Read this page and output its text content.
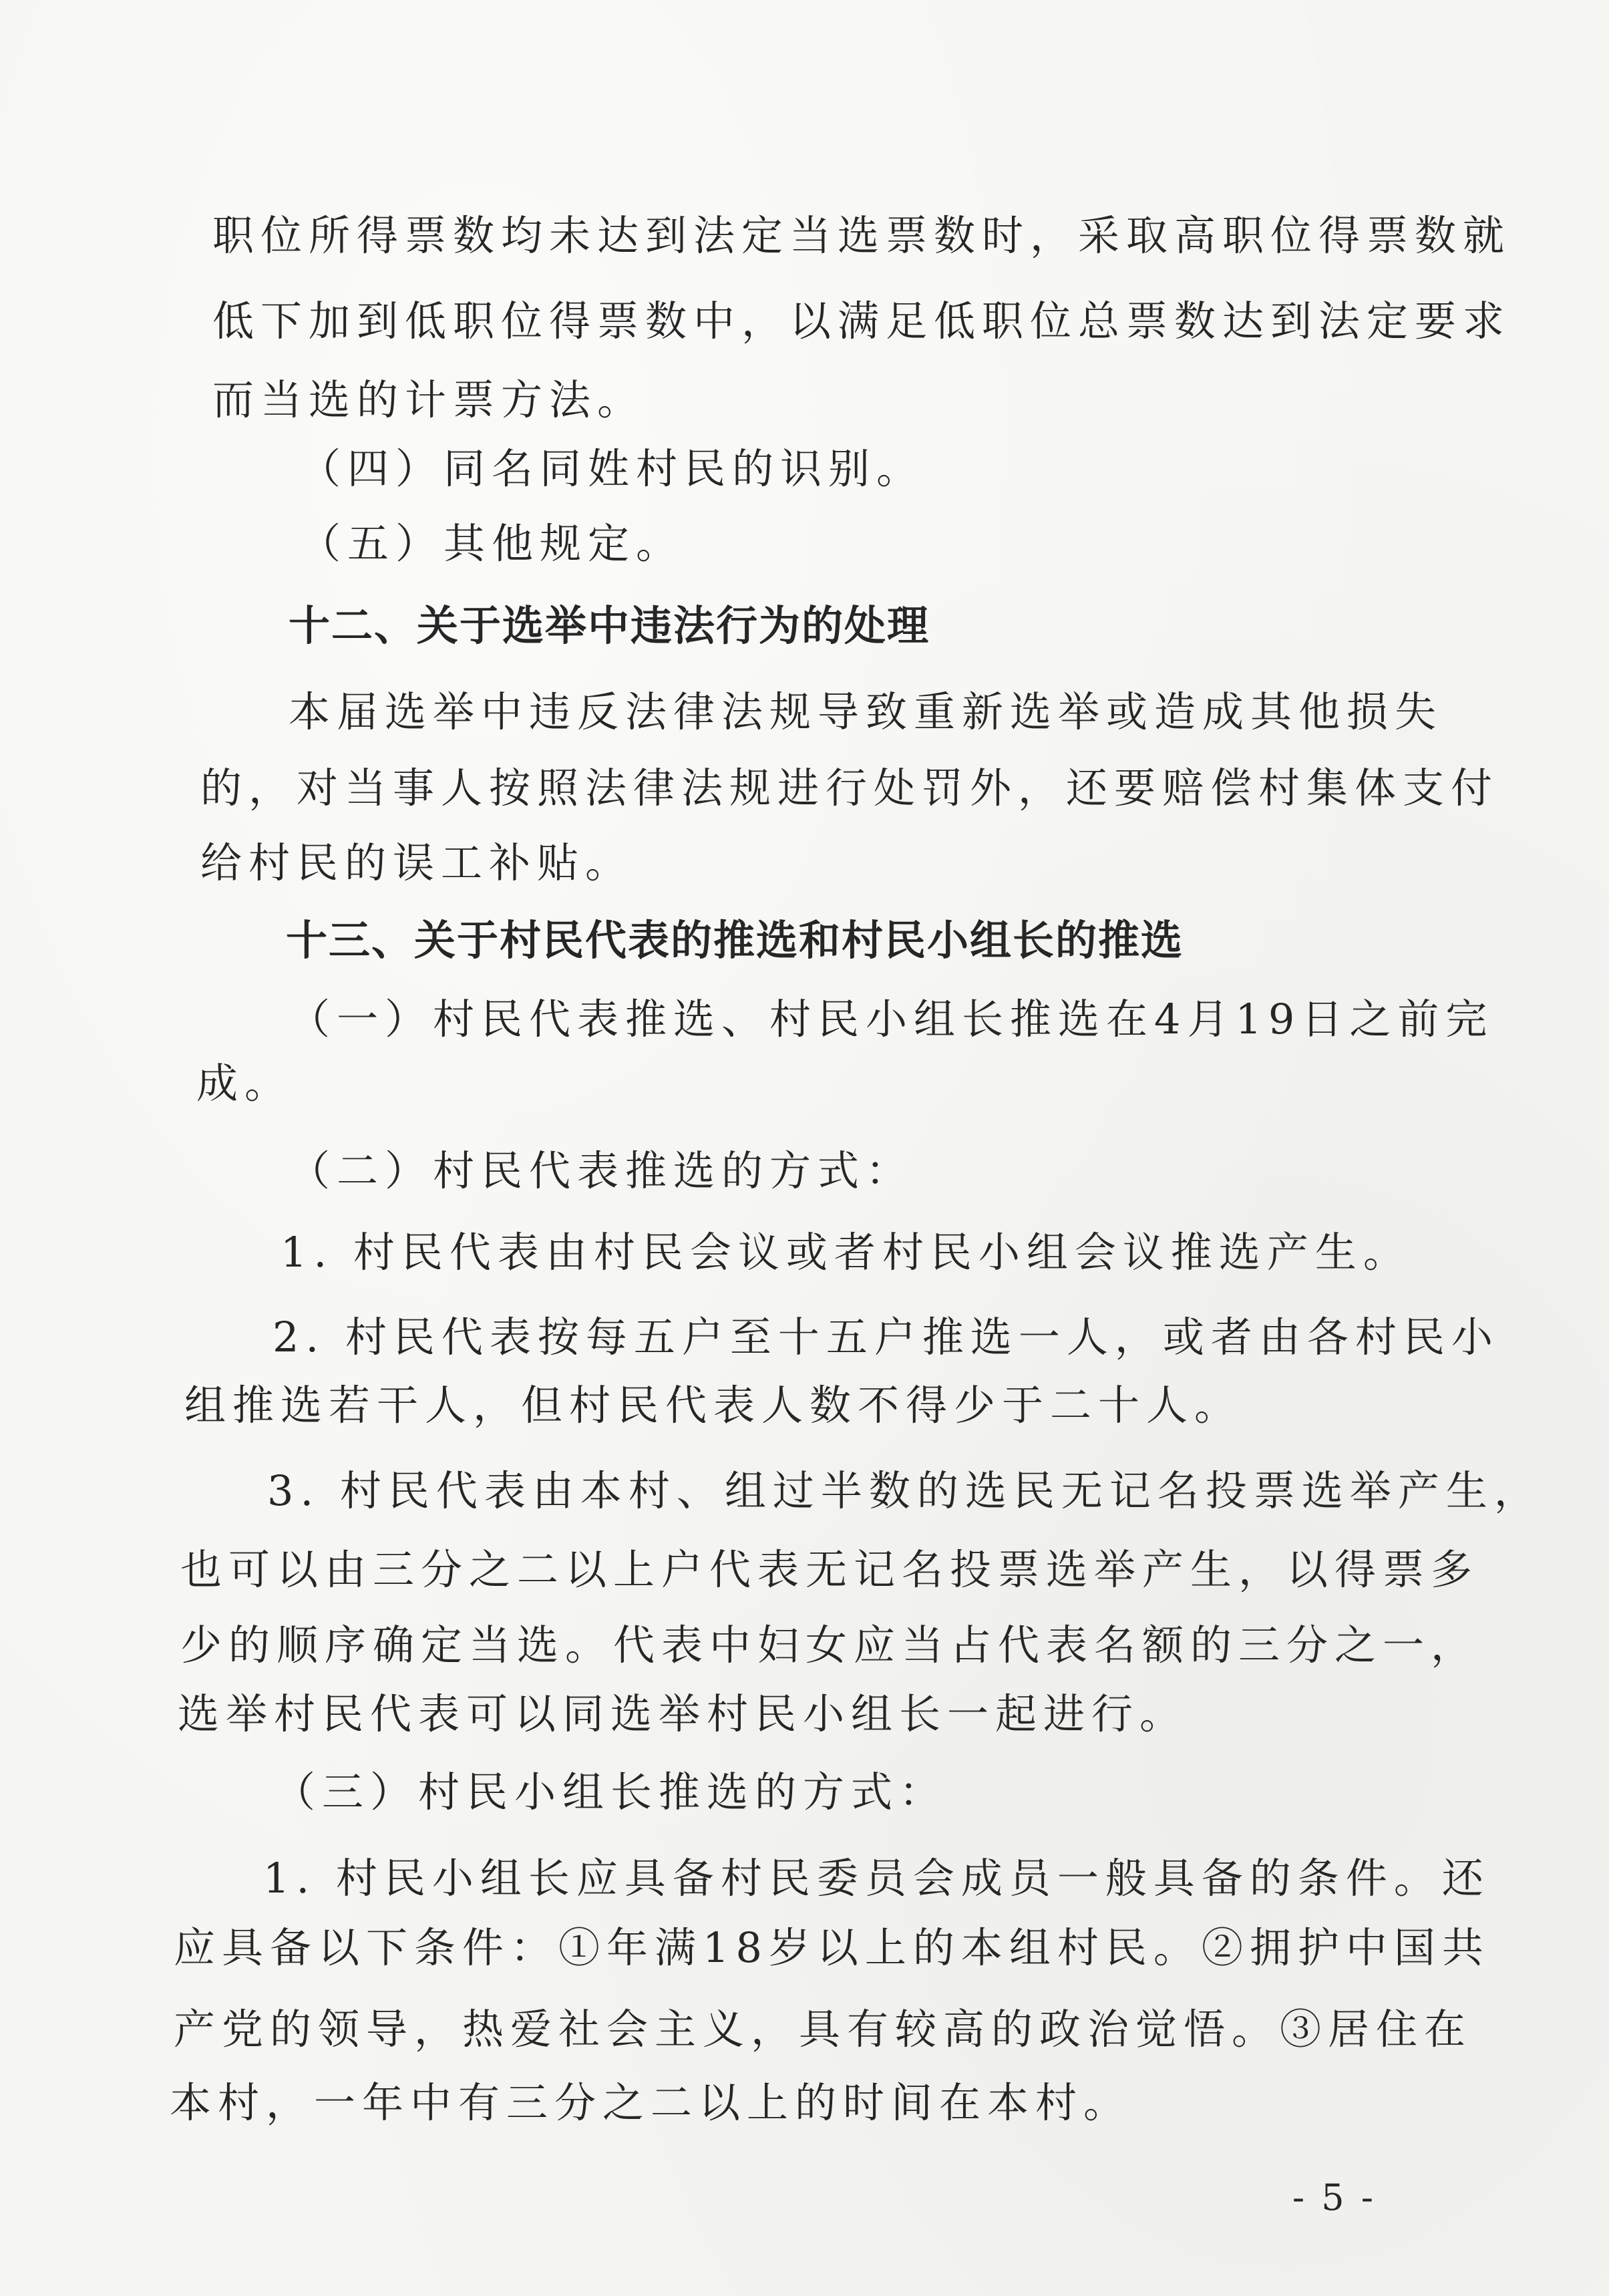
职位所得票数均未达到法定当选票数时，采取高职位得票数就
低下加到低职位得票数中，以满足低职位总票数达到法定要求
而当选的计票方法。
（四）同名同姓村民的识别。
（五）其他规定。
十二、关于选举中违法行为的处理
本届选举中违反法律法规导致重新选举或造成其他损失
的，对当事人按照法律法规进行处罚外，还要赔偿村集体支付
给村民的误工补贴。
十三、关于村民代表的推选和村民小组长的推选
（一）村民代表推选、村民小组长推选在4月19日之前完
成。
（二）村民代表推选的方式：
1. 村民代表由村民会议或者村民小组会议推选产生。
2. 村民代表按每五户至十五户推选一人，或者由各村民小
组推选若干人，但村民代表人数不得少于二十人。
3. 村民代表由本村、组过半数的选民无记名投票选举产生，
也可以由三分之二以上户代表无记名投票选举产生，以得票多
少的顺序确定当选。代表中妇女应当占代表名额的三分之一，
选举村民代表可以同选举村民小组长一起进行。
（三）村民小组长推选的方式：
1. 村民小组长应具备村民委员会成员一般具备的条件。还
应具备以下条件：①年满18岁以上的本组村民。②拥护中国共
产党的领导，热爱社会主义，具有较高的政治觉悟。③居住在
本村，一年中有三分之二以上的时间在本村。
- 5 -
